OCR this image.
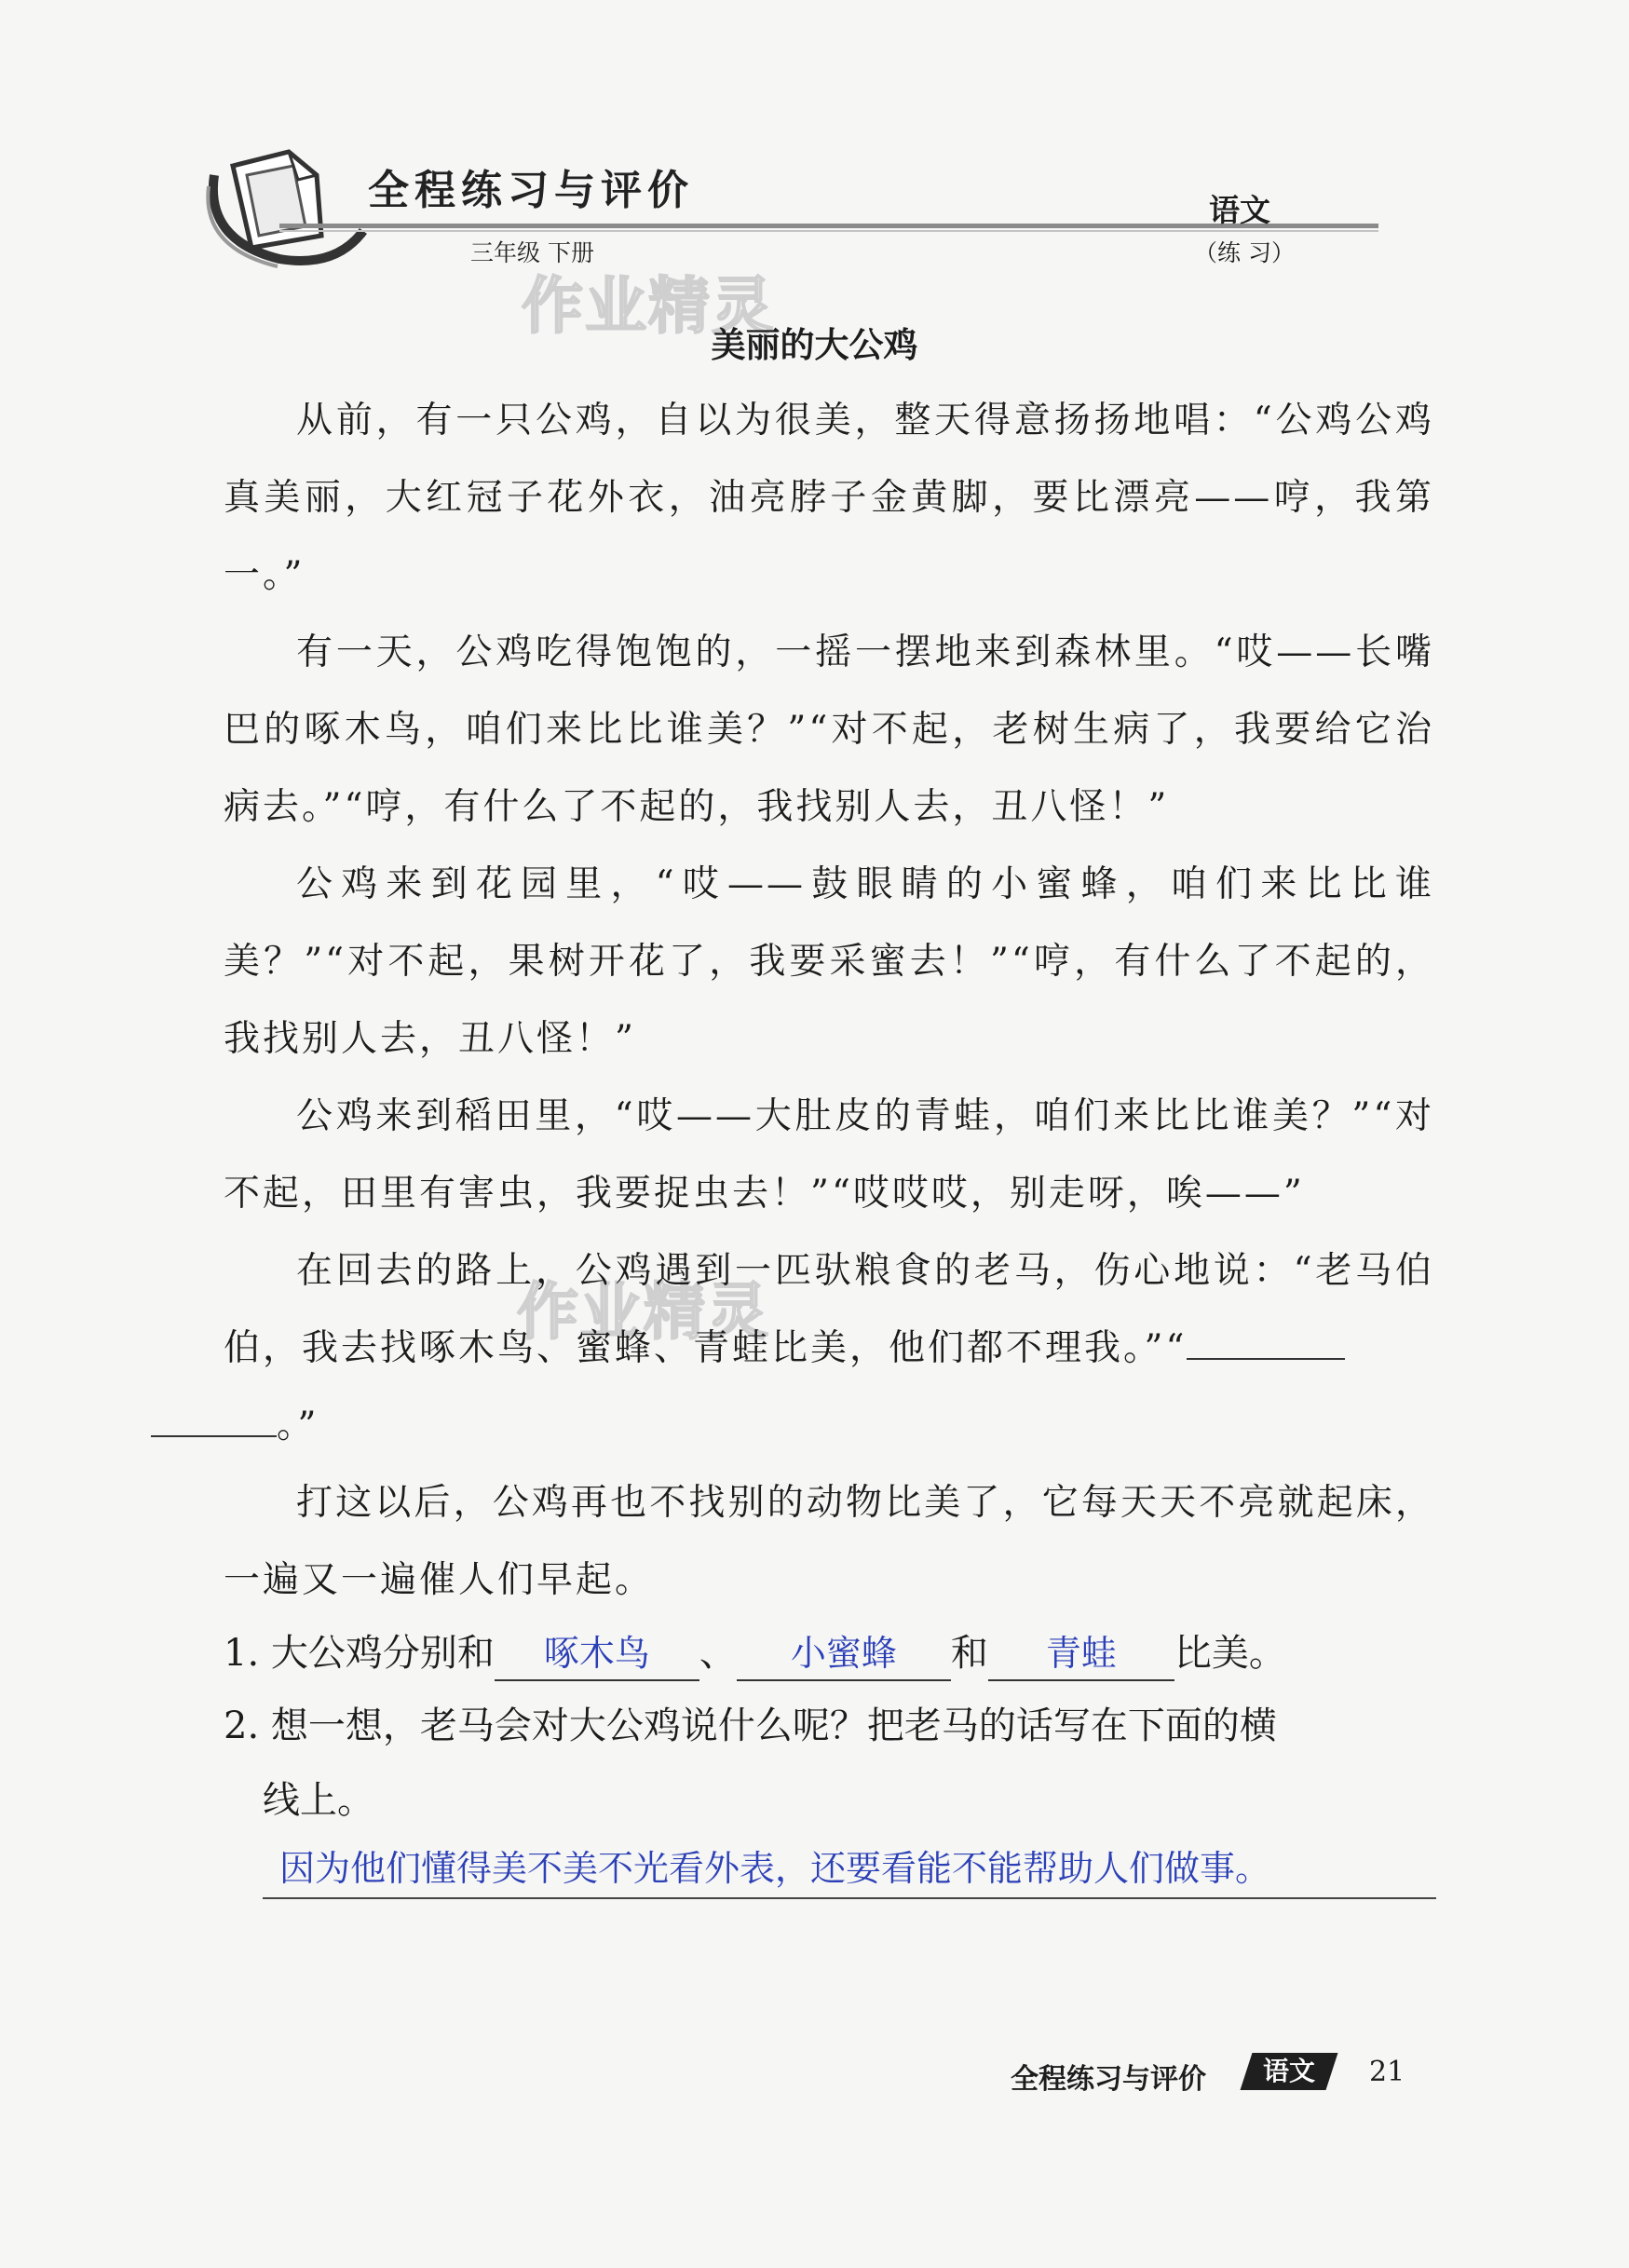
全程练习与评价
三年级 下册
语文
（练 习）
作业精灵
作业精灵
美丽的大公鸡

从前，有一只公鸡，自以为很美，整天得意扬扬地唱：“公鸡公鸡真美丽，大红冠子花外衣，油亮脖子金黄脚，要比漂亮——哼，我第一。”

有一天，公鸡吃得饱饱的，一摇一摆地来到森林里。“哎——长嘴巴的啄木鸟，咱们来比比谁美？”“对不起，老树生病了，我要给它治病去。”“哼，有什么了不起的，我找别人去，丑八怪！”

公鸡来到花园里，“哎——鼓眼睛的小蜜蜂，咱们来比比谁美？”“对不起，果树开花了，我要采蜜去！”“哼，有什么了不起的，我找别人去，丑八怪！”

公鸡来到稻田里，“哎——大肚皮的青蛙，咱们来比比谁美？”“对不起，田里有害虫，我要捉虫去！”“哎哎哎，别走呀，唉——”

在回去的路上，公鸡遇到一匹驮粮食的老马，伤心地说：“老马伯伯，我去找啄木鸟、蜜蜂、青蛙比美，他们都不理我。”“
。”

打这以后，公鸡再也不找别的动物比美了，它每天天不亮就起床，一遍又一遍催人们早起。

1. 大公鸡分别和 啄木鸟 、 小蜜蜂 和 青蛙 比美。
2. 想一想，老马会对大公鸡说什么呢？把老马的话写在下面的横
线上。
因为他们懂得美不美不光看外表，还要看能不能帮助人们做事。
全程练习与评价	语文	21
